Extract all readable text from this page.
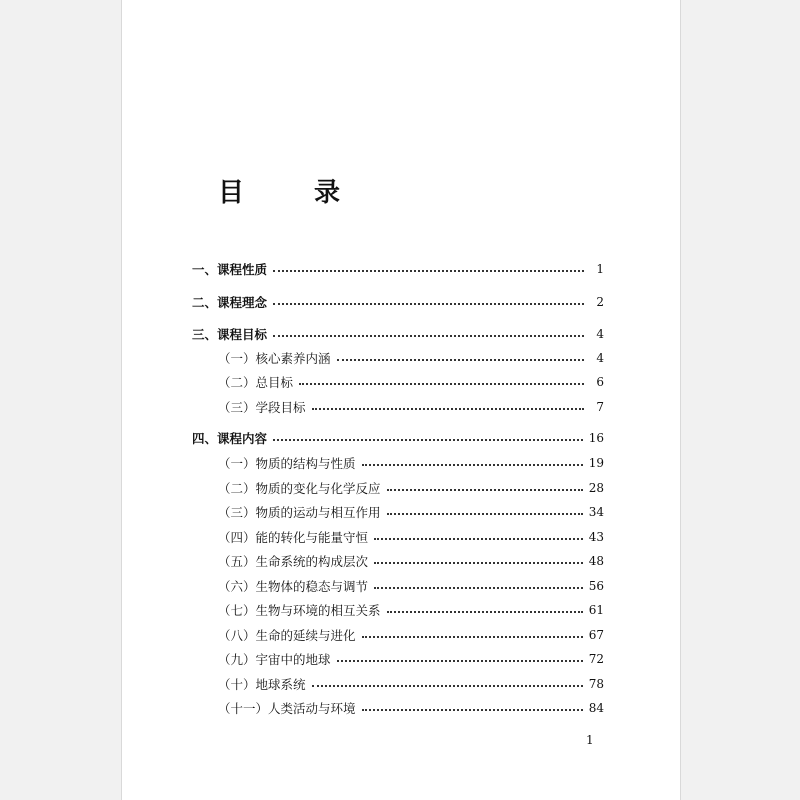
目　录
一、课程性质	1
二、课程理念	2
三、课程目标	4
（一）核心素养内涵	4
（二）总目标	6
（三）学段目标	7
四、课程内容	16
（一）物质的结构与性质	19
（二）物质的变化与化学反应	28
（三）物质的运动与相互作用	34
（四）能的转化与能量守恒	43
（五）生命系统的构成层次	48
（六）生物体的稳态与调节	56
（七）生物与环境的相互关系	61
（八）生命的延续与进化	67
（九）宇宙中的地球	72
（十）地球系统	78
（十一）人类活动与环境	84
1
